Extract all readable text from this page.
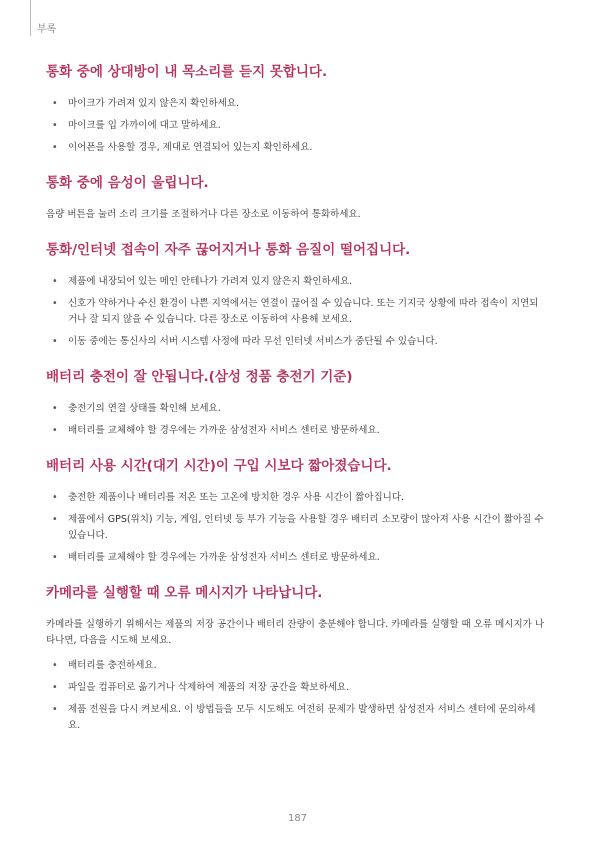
부록
통화 중에 상대방이 내 목소리를 듣지 못합니다.
• 마이크가 가려져 있지 않은지 확인하세요.
• 마이크를 입 가까이에 대고 말하세요.
• 이어폰을 사용할 경우, 제대로 연결되어 있는지 확인하세요.
통화 중에 음성이 울립니다.

음량 버튼을 눌러 소리 크기를 조절하거나 다른 장소로 이동하여 통화하세요.

통화/인터넷 접속이 자주 끊어지거나 통화 음질이 떨어집니다.
• 제품에 내장되어 있는 메인 안테나가 가려져 있지 않은지 확인하세요.
• 신호가 약하거나 수신 환경이 나쁜 지역에서는 연결이 끊어질 수 있습니다. 또는 기지국 상황에 따라 접속이 지연되거나 잘 되지 않을 수 있습니다. 다른 장소로 이동하여 사용해 보세요.
• 이동 중에는 통신사의 서버 시스템 사정에 따라 무선 인터넷 서비스가 중단될 수 있습니다.
배터리 충전이 잘 안됩니다.(삼성 정품 충전기 기준)
• 충전기의 연결 상태를 확인해 보세요.
• 배터리를 교체해야 할 경우에는 가까운 삼성전자 서비스 센터로 방문하세요.
배터리 사용 시간(대기 시간)이 구입 시보다 짧아졌습니다.
• 충전한 제품이나 배터리를 저온 또는 고온에 방치한 경우 사용 시간이 짧아집니다.
• 제품에서 GPS(위치) 기능, 게임, 인터넷 등 부가 기능을 사용할 경우 배터리 소모량이 많아져 사용 시간이 짧아질 수 있습니다.
• 배터리를 교체해야 할 경우에는 가까운 삼성전자 서비스 센터로 방문하세요.
카메라를 실행할 때 오류 메시지가 나타납니다.

카메라를 실행하기 위해서는 제품의 저장 공간이나 배터리 잔량이 충분해야 합니다. 카메라를 실행할 때 오류 메시지가 나타나면, 다음을 시도해 보세요.

• 배터리를 충전하세요.
• 파일을 컴퓨터로 옮기거나 삭제하여 제품의 저장 공간을 확보하세요.
• 제품 전원을 다시 켜보세요. 이 방법들을 모두 시도해도 여전히 문제가 발생하면 삼성전자 서비스 센터에 문의하세요.
187
